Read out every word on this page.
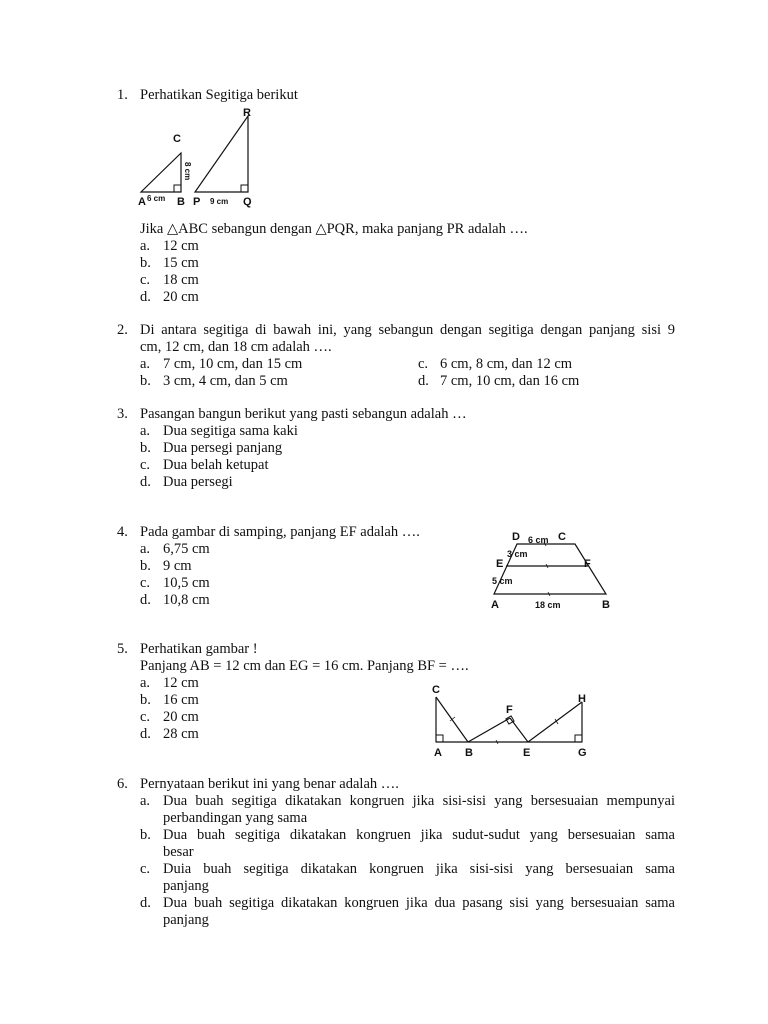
1. Perhatikan Segitiga berikut
C
A 6 cm B
8 cm
R
P 9 cm Q
Jika △ABC sebangun dengan △PQR, maka panjang PR adalah ….
a. 12 cm
b. 15 cm
c. 18 cm
d. 20 cm
2. Di antara segitiga di bawah ini, yang sebangun dengan segitiga dengan panjang sisi 9
cm, 12 cm, dan 18 cm adalah ….
a. 7 cm, 10 cm, dan 15 cm
b. 3 cm, 4 cm, dan 5 cm
c. 6 cm, 8 cm, dan 12 cm
d. 7 cm, 10 cm, dan 16 cm
3. Pasangan bangun berikut yang pasti sebangun adalah …
a. Dua segitiga sama kaki
b. Dua persegi panjang
c. Dua belah ketupat
d. Dua persegi
4. Pada gambar di samping, panjang EF adalah ….
a. 6,75 cm
b. 9 cm
c. 10,5 cm
d. 10,8 cm
D 6 cm C
3 cm
E	F
5 cm
A	18 cm	B
5. Perhatikan gambar !
Panjang AB = 12 cm dan EG = 16 cm. Panjang BF = ….
a. 12 cm
b. 16 cm
c. 20 cm
d. 28 cm
C
F
H
A B	E	G
6. Pernyataan berikut ini yang benar adalah ….
a. Dua buah segitiga dikatakan kongruen jika sisi-sisi yang bersesuaian mempunyai
perbandingan yang sama
b. Dua buah segitiga dikatakan kongruen jika sudut-sudut yang bersesuaian sama
besar
c. Duia buah segitiga dikatakan kongruen jika sisi-sisi yang bersesuaian sama
panjang
d. Dua buah segitiga dikatakan kongruen jika dua pasang sisi yang bersesuaian sama
panjang
